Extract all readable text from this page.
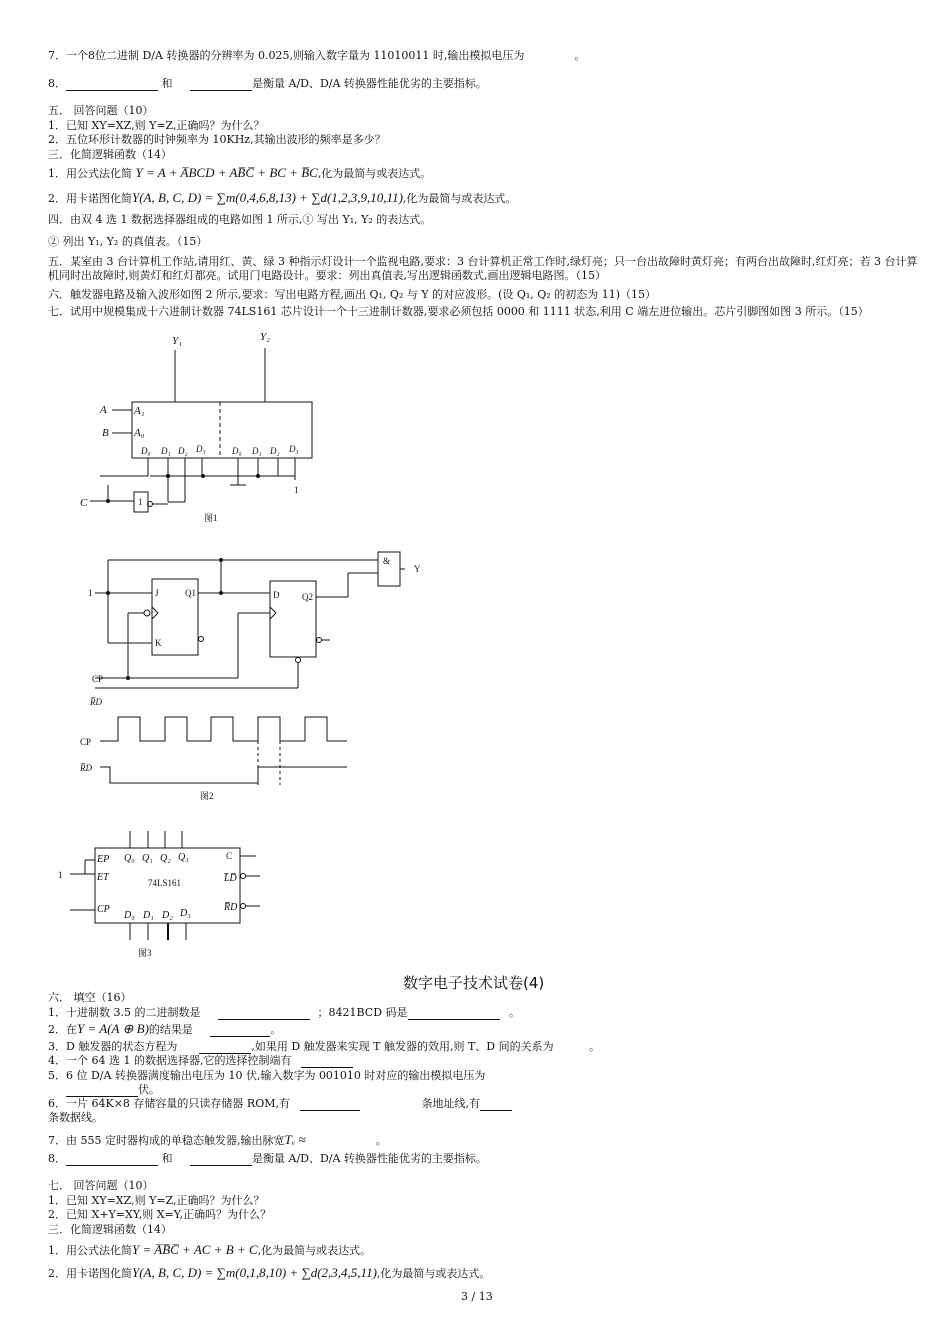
7．一个8位二进制 D/A 转换器的分辨率为 0.025,则输入数字量为 11010011 时,输出模拟电压为	。
8．	和	是衡量 A/D、D/A 转换器性能优劣的主要指标。
五． 回答问题（10）
1．已知 XY=XZ,则 Y=Z,正确吗？为什么？
2．五位环形计数器的时钟频率为 10KHz,其输出波形的频率是多少？
三．化简逻辑函数（14）
1．用公式法化简 Y = A + A̅BCD + AB̅C̅ + BC + B̅C,化为最简与或表达式。
2．用卡诺图化简Y(A, B, C, D) = ∑m(0,4,6,8,13) + ∑d(1,2,3,9,10,11),化为最简与或表达式。
四．由双 4 选 1 数据选择器组成的电路如图 1 所示,① 写出 Y₁, Y₂ 的表达式。
② 列出 Y₁, Y₂ 的真值表。（15）
五．某室由 3 台计算机工作站,请用红、黄、绿 3 种指示灯设计一个监视电路,要求：3 台计算机正常工作时,绿灯亮；只一台出故障时黄灯亮；有两台出故障时,红灯亮；若 3 台计算机同时出故障时,则黄灯和红灯都亮。试用门电路设计。要求：列出真值表,写出逻辑函数式,画出逻辑电路图。（15）
六．触发器电路及输入波形如图 2 所示,要求：写出电路方程,画出 Q₁, Q₂ 与 Y 的对应波形。(设 Q₁, Q₂ 的初态为 11)（15）
七．试用中规模集成十六进制计数器 74LS161 芯片设计一个十三进制计数器,要求必须包括 0000 和 1111 状态,利用 C 端左进位输出。芯片引脚图如图 3 所示。（15）
Y₁	Y₂
A
B
C
A₁
A₀
D₀ D₁ D₂ D₃	D₀ D₁ D₂ D₃
1
1
图1
1	J
K
Q1	D	Q2
&
Y
CP
R̅D
CP
R̅D
图2
EP
ET
CP
Q₀ Q₁ Q₂ Q₃
D₀ D₁ D₂ D₃
L̅D̅
R̅D
C
74LS161
1
图3
数字电子技术试卷(4)
六． 填空（16）
1．十进制数 3.5 的二进制数是	；8421BCD 码是	。
2．在Y = A(A ⊕ B)的结果是	。
3．D 触发器的状态方程为	,如果用 D 触发器来实现 T 触发器的效用,则 T、D 间的关系为	。
4．一个 64 选 1 的数据选择器,它的选择控制端有
5．6 位 D/A 转换器满度输出电压为 10 伏,输入数字为 001010 时对应的输出模拟电压为
伏。
6．一片 64K×8 存储容量的只读存储器 ROM,有	条地址线,有
条数据线。
7．由 555 定时器构成的单稳态触发器,输出脉宽Tᵥ ≈	。
8．	和	是衡量 A/D、D/A 转换器性能优劣的主要指标。
七． 回答问题（10）
1．已知 XY=XZ,则 Y=Z,正确吗？为什么？
2．已知 X+Y=XY,则 X=Y,正确吗？为什么？
三．化简逻辑函数（14）
1．用公式法化简Y = A̅B̅C̅ + AC + B + C,化为最简与或表达式。
2．用卡诺图化简Y(A, B, C, D) = ∑m(0,1,8,10) + ∑d(2,3,4,5,11),化为最简与或表达式。
3 / 13
